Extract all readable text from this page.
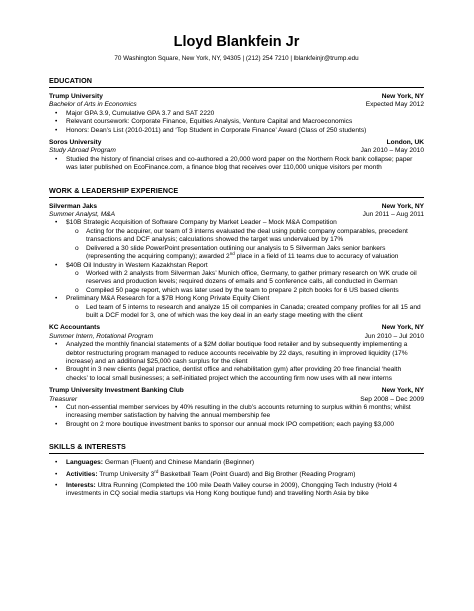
Lloyd Blankfein Jr
70 Washington Square, New York, NY, 94305 | (212) 254 7210 | lblankfeinjr@trump.edu
EDUCATION
Trump University	New York, NY
Bachelor of Arts in Economics	Expected May 2012
• Major GPA 3.9, Cumulative GPA 3.7 and SAT 2220
• Relevant coursework: Corporate Finance, Equities Analysis, Venture Capital and Macroeconomics
• Honors: Dean’s List (2010-2011) and ‘Top Student in Corporate Finance’ Award (Class of 250 students)
Soros University	London, UK
Study Abroad Program	Jan 2010 – May 2010
• Studied the history of financial crises and co-authored a 20,000 word paper on the Northern Rock bank collapse; paper was later published on EcoFinance.com, a finance blog that receives over 110,000 unique visitors per month
WORK & LEADERSHIP EXPERIENCE
Silverman Jaks	New York, NY
Summer Analyst, M&A	Jun 2011 – Aug 2011
• $10B Strategic Acquisition of Software Company by Market Leader – Mock M&A Competition
o Acting for the acquirer, our team of 3 interns evaluated the deal using public company comparables, precedent transactions and DCF analysis; calculations showed the target was undervalued by 17%
o Delivered a 30 slide PowerPoint presentation outlining our analysis to 5 Silverman Jaks senior bankers (representing the acquiring company); awarded 2nd place in a field of 11 teams due to accuracy of valuation
• $40B Oil Industry in Western Kazakhstan Report
o Worked with 2 analysts from Silverman Jaks’ Munich office, Germany, to gather primary research on WK crude oil reserves and production levels; required dozens of emails and 5 conference calls, all conducted in German
o Compiled 50 page report, which was later used by the team to prepare 2 pitch books for 6 US based clients
• Preliminary M&A Research for a $7B Hong Kong Private Equity Client
o Led team of 5 interns to research and analyze 15 oil companies in Canada; created company profiles for all 15 and built a DCF model for 3, one of which was the key deal in an early stage meeting with the client
KC Accountants	New York, NY
Summer Intern, Rotational Program	Jun 2010 – Jul 2010
• Analyzed the monthly financial statements of a $2M dollar boutique food retailer and by subsequently implementing a debtor restructuring program managed to reduce accounts receivable by 22 days, resulting in improved liquidity (17% increase) and an additional $25,000 cash surplus for the client
• Brought in 3 new clients (legal practice, dentist office and rehabilitation gym) after providing 20 free financial ‘health checks’ to local small businesses; a self-initiated project which the accounting firm now uses with all new interns
Trump University Investment Banking Club	New York, NY
Treasurer	Sep 2008 – Dec 2009
• Cut non-essential member services by 40% resulting in the club’s accounts returning to surplus within 6 months; whilst increasing member satisfaction by halving the annual membership fee
• Brought on 2 more boutique investment banks to sponsor our annual mock IPO competition; each paying $3,000
SKILLS & INTERESTS
• Languages: German (Fluent) and Chinese Mandarin (Beginner)
• Activities: Trump University 3rd Basketball Team (Point Guard) and Big Brother (Reading Program)
• Interests: Ultra Running (Completed the 100 mile Death Valley course in 2009), Chongqing Tech Industry (Hold 4 investments in CQ social media startups via Hong Kong boutique fund) and travelling North Asia by bike
